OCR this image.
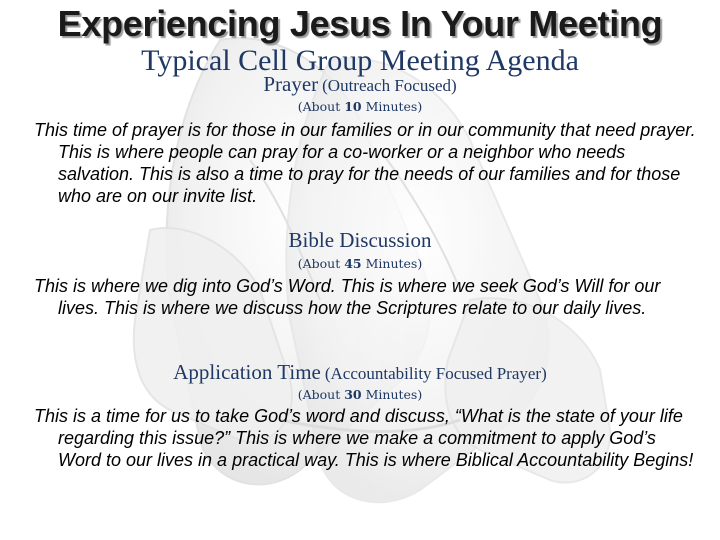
Experiencing Jesus In Your Meeting
Typical Cell Group Meeting Agenda
Prayer (Outreach Focused)
(About 10 Minutes)
This time of prayer is for those in our families or in our community that need prayer. This is where people can pray for a co-worker or a neighbor who needs salvation. This is also a time to pray for the needs of our families and for those who are on our invite list.
Bible Discussion
(About 45 Minutes)
This is where we dig into God’s Word. This is where we seek God’s Will for our lives. This is where we discuss how the Scriptures relate to our daily lives.
Application Time (Accountability Focused Prayer)
(About 30 Minutes)
This is a time for us to take God’s word and discuss, “What is the state of your life regarding this issue?” This is where we make a commitment to apply God’s Word to our lives in a practical way. This is where Biblical Accountability Begins!
